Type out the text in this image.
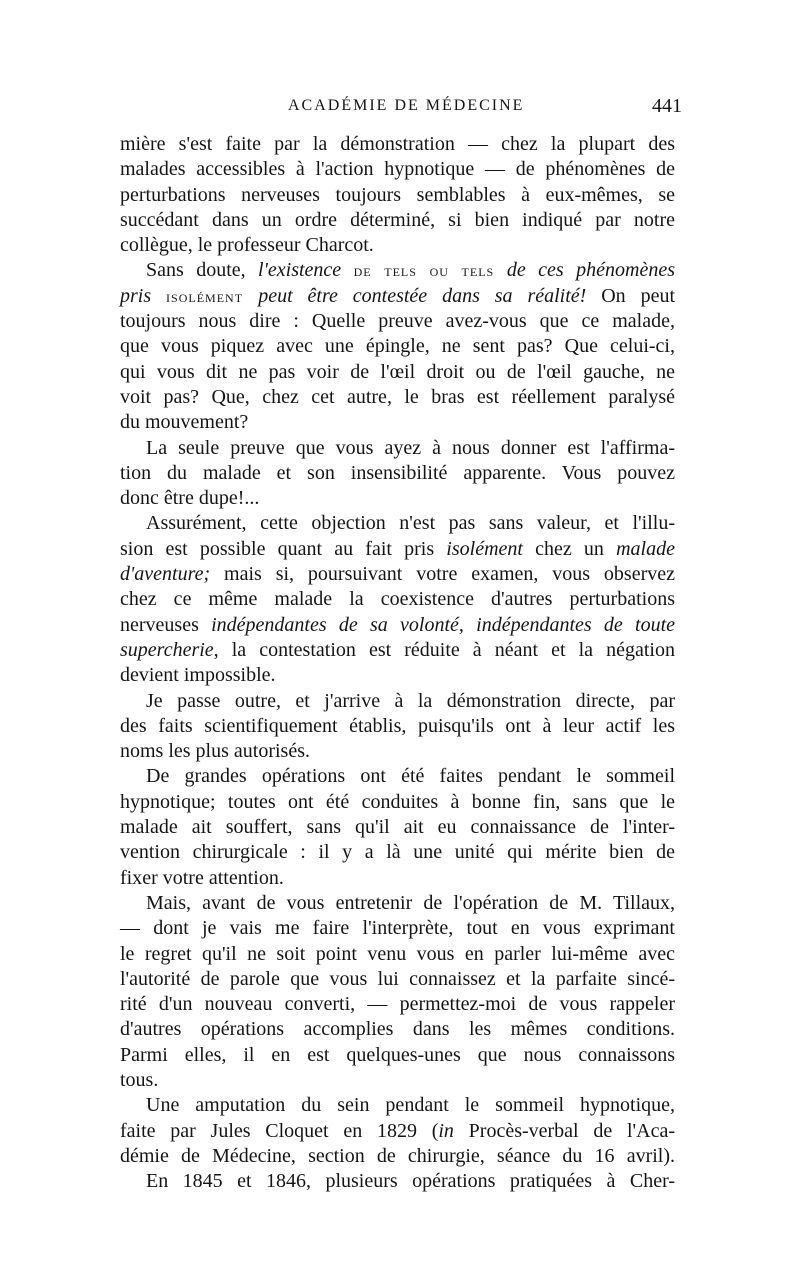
ACADÉMIE DE MÉDECINE	441
mière s'est faite par la démonstration — chez la plupart des
malades accessibles à l'action hypnotique — de phénomènes de
perturbations nerveuses toujours semblables à eux-mêmes, se
succédant dans un ordre déterminé, si bien indiqué par notre
collègue, le professeur Charcot.
Sans doute, l'existence de tels ou tels de ces phénomènes
pris isolément peut être contestée dans sa réalité! On peut
toujours nous dire : Quelle preuve avez-vous que ce malade,
que vous piquez avec une épingle, ne sent pas? Que celui-ci,
qui vous dit ne pas voir de l'œil droit ou de l'œil gauche, ne
voit pas? Que, chez cet autre, le bras est réellement paralysé
du mouvement?
La seule preuve que vous ayez à nous donner est l'affirma-
tion du malade et son insensibilité apparente. Vous pouvez
donc être dupe!...
Assurément, cette objection n'est pas sans valeur, et l'illu-
sion est possible quant au fait pris isolément chez un malade
d'aventure; mais si, poursuivant votre examen, vous observez
chez ce même malade la coexistence d'autres perturbations
nerveuses indépendantes de sa volonté, indépendantes de toute
supercherie, la contestation est réduite à néant et la négation
devient impossible.
Je passe outre, et j'arrive à la démonstration directe, par
des faits scientifiquement établis, puisqu'ils ont à leur actif les
noms les plus autorisés.
De grandes opérations ont été faites pendant le sommeil
hypnotique; toutes ont été conduites à bonne fin, sans que le
malade ait souffert, sans qu'il ait eu connaissance de l'inter-
vention chirurgicale : il y a là une unité qui mérite bien de
fixer votre attention.
Mais, avant de vous entretenir de l'opération de M. Tillaux,
— dont je vais me faire l'interprète, tout en vous exprimant
le regret qu'il ne soit point venu vous en parler lui-même avec
l'autorité de parole que vous lui connaissez et la parfaite sincé-
rité d'un nouveau converti, — permettez-moi de vous rappeler
d'autres opérations accomplies dans les mêmes conditions.
Parmi elles, il en est quelques-unes que nous connaissons
tous.
Une amputation du sein pendant le sommeil hypnotique,
faite par Jules Cloquet en 1829 (in Procès-verbal de l'Aca-
démie de Médecine, section de chirurgie, séance du 16 avril).
En 1845 et 1846, plusieurs opérations pratiquées à Cher-
